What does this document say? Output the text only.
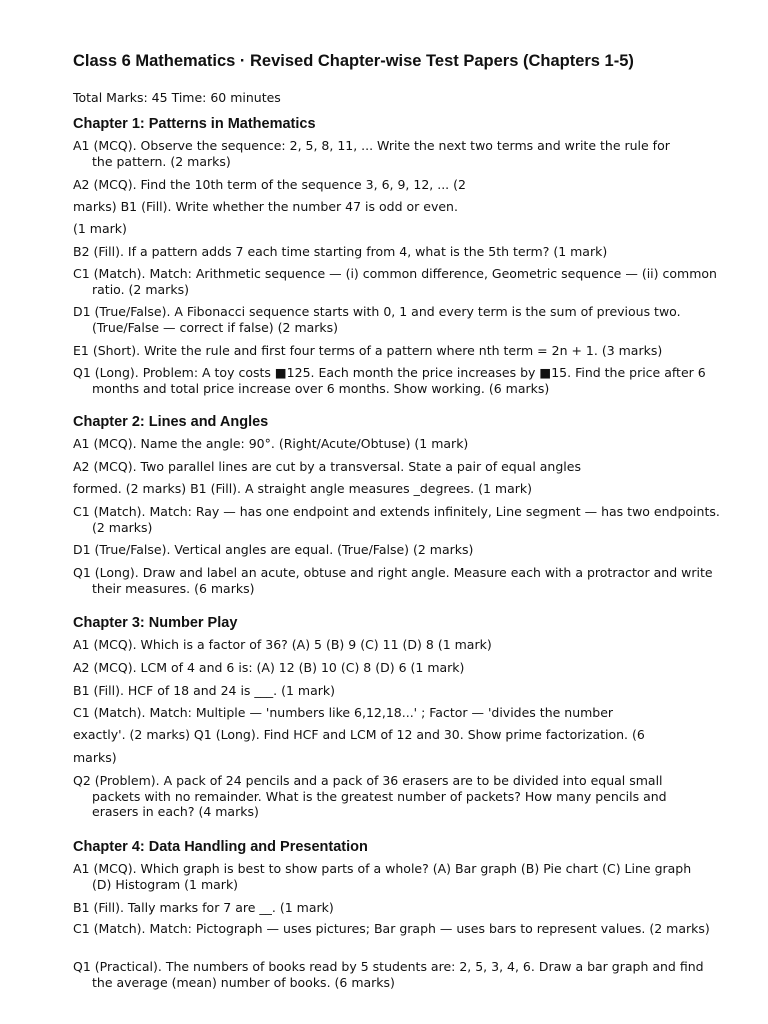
Class 6 Mathematics · Revised Chapter-wise Test Papers (Chapters 1-5)
Total Marks: 45 Time: 60 minutes
Chapter 1: Patterns in Mathematics

A1 (MCQ). Observe the sequence: 2, 5, 8, 11, ... Write the next two terms and write the rule for the pattern. (2 marks)

A2 (MCQ). Find the 10th term of the sequence 3, 6, 9, 12, ... (2

marks) B1 (Fill). Write whether the number 47 is odd or even.

(1 mark)

B2 (Fill). If a pattern adds 7 each time starting from 4, what is the 5th term? (1 mark)

C1 (Match). Match: Arithmetic sequence — (i) common difference, Geometric sequence — (ii) common ratio. (2 marks)

D1 (True/False). A Fibonacci sequence starts with 0, 1 and every term is the sum of previous two. (True/False — correct if false) (2 marks)

E1 (Short). Write the rule and first four terms of a pattern where nth term = 2n + 1. (3 marks)

Q1 (Long). Problem: A toy costs ■125. Each month the price increases by ■15. Find the price after 6 months and total price increase over 6 months. Show working. (6 marks)

Chapter 2: Lines and Angles

A1 (MCQ). Name the angle: 90°. (Right/Acute/Obtuse) (1 mark)

A2 (MCQ). Two parallel lines are cut by a transversal. State a pair of equal angles

formed. (2 marks) B1 (Fill). A straight angle measures _degrees. (1 mark)

C1 (Match). Match: Ray — has one endpoint and extends infinitely, Line segment — has two endpoints. (2 marks)

D1 (True/False). Vertical angles are equal. (True/False) (2 marks)

Q1 (Long). Draw and label an acute, obtuse and right angle. Measure each with a protractor and write their measures. (6 marks)

Chapter 3: Number Play

A1 (MCQ). Which is a factor of 36? (A) 5 (B) 9 (C) 11 (D) 8 (1 mark)

A2 (MCQ). LCM of 4 and 6 is: (A) 12 (B) 10 (C) 8 (D) 6 (1 mark)

B1 (Fill). HCF of 18 and 24 is ___. (1 mark)

C1 (Match). Match: Multiple — 'numbers like 6,12,18...' ; Factor — 'divides the number

exactly'. (2 marks) Q1 (Long). Find HCF and LCM of 12 and 30. Show prime factorization. (6

marks)

Q2 (Problem). A pack of 24 pencils and a pack of 36 erasers are to be divided into equal small packets with no remainder. What is the greatest number of packets? How many pencils and erasers in each? (4 marks)

Chapter 4: Data Handling and Presentation

A1 (MCQ). Which graph is best to show parts of a whole? (A) Bar graph (B) Pie chart (C) Line graph (D) Histogram (1 mark)

B1 (Fill). Tally marks for 7 are __. (1 mark)

C1 (Match). Match: Pictograph — uses pictures; Bar graph — uses bars to represent values. (2 marks)

Q1 (Practical). The numbers of books read by 5 students are: 2, 5, 3, 4, 6. Draw a bar graph and find the average (mean) number of books. (6 marks)
